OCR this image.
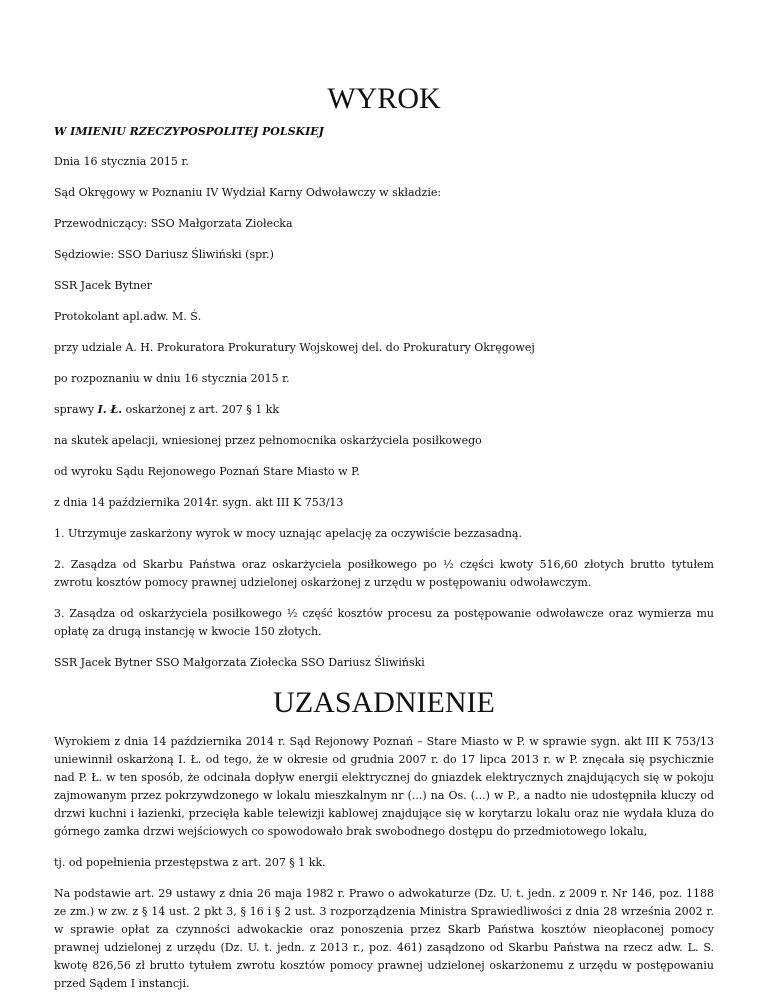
WYROK
W IMIENIU RZECZYPOSPOLITEJ POLSKIEJ

Dnia 16 stycznia 2015 r.

Sąd Okręgowy w Poznaniu IV Wydział Karny Odwoławczy w składzie:

Przewodniczący: SSO Małgorzata Ziołecka

Sędziowie: SSO Dariusz Śliwiński (spr.)

SSR Jacek Bytner

Protokolant apl.adw. M. Ś.

przy udziale A. H. Prokuratora Prokuratury Wojskowej del. do Prokuratury Okręgowej

po rozpoznaniu w dniu 16 stycznia 2015 r.

sprawy I. Ł. oskarżonej z art. 207 § 1 kk

na skutek apelacji, wniesionej przez pełnomocnika oskarżyciela posiłkowego

od wyroku Sądu Rejonowego Poznań Stare Miasto w P.

z dnia 14 października 2014r. sygn. akt III K 753/13

1. Utrzymuje zaskarżony wyrok w mocy uznając apelację za oczywiście bezzasadną.

2. Zasądza od Skarbu Państwa oraz oskarżyciela posiłkowego po ½ części kwoty 516,60 złotych brutto tytułem zwrotu kosztów pomocy prawnej udzielonej oskarżonej z urzędu w postępowaniu odwoławczym.

3. Zasądza od oskarżyciela posiłkowego ½ część kosztów procesu za postępowanie odwoławcze oraz wymierza mu opłatę za drugą instancję w kwocie 150 złotych.

SSR Jacek Bytner SSO Małgorzata Ziołecka SSO Dariusz Śliwiński

UZASADNIENIE

Wyrokiem z dnia 14 października 2014 r. Sąd Rejonowy Poznań – Stare Miasto w P. w sprawie sygn. akt III K 753/13 uniewinnił oskarżoną I. Ł. od tego, że w okresie od grudnia 2007 r. do 17 lipca 2013 r. w P. znęcała się psychicznie nad P. Ł. w ten sposób, że odcinała dopływ energii elektrycznej do gniazdek elektrycznych znajdujących się w pokoju zajmowanym przez pokrzywdzonego w lokalu mieszkalnym nr (...) na Os. (...) w P., a nadto nie udostępniła kluczy od drzwi kuchni i łazienki, przecięła kable telewizji kablowej znajdujące się w korytarzu lokalu oraz nie wydała kluza do górnego zamka drzwi wejściowych co spowodowało brak swobodnego dostępu do przedmiotowego lokalu,

tj. od popełnienia przestępstwa z art. 207 § 1 kk.

Na podstawie art. 29 ustawy z dnia 26 maja 1982 r. Prawo o adwokaturze (Dz. U. t. jedn. z 2009 r. Nr 146, poz. 1188 ze zm.) w zw. z § 14 ust. 2 pkt 3, § 16 i § 2 ust. 3 rozporządzenia Ministra Sprawiedliwości z dnia 28 września 2002 r. w sprawie opłat za czynności adwokackie oraz ponoszenia przez Skarb Państwa kosztów nieopłaconej pomocy prawnej udzielonej z urzędu (Dz. U. t. jedn. z 2013 r., poz. 461) zasądzono od Skarbu Państwa na rzecz adw. L. S. kwotę 826,56 zł brutto tytułem zwrotu kosztów pomocy prawnej udzielonej oskarżonemu z urzędu w postępowaniu przed Sądem I instancji.
